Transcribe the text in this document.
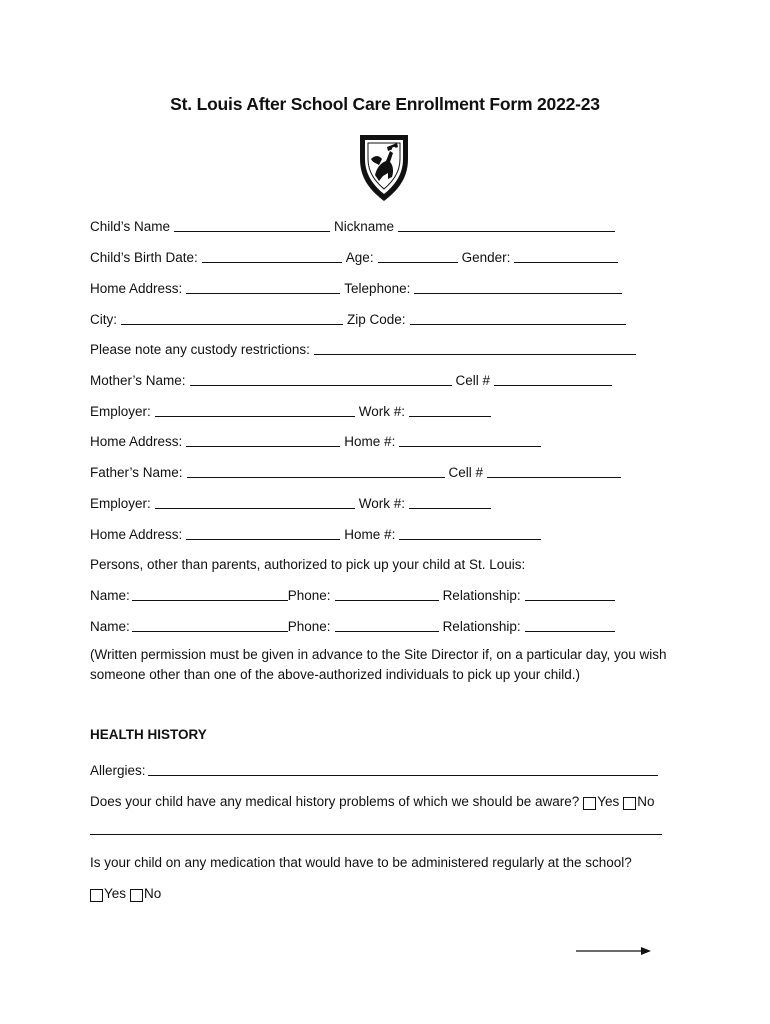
St. Louis After School Care Enrollment Form 2022-23
Child’s Name	Nickname
Child’s Birth Date:	Age:	Gender:
Home Address:	Telephone:
City:	Zip Code:
Please note any custody restrictions:
Mother’s Name:	Cell #
Employer:	Work #:
Home Address:	Home #:
Father’s Name:	Cell #
Employer:	Work #:
Home Address:	Home #:
Persons, other than parents, authorized to pick up your child at St. Louis:
Name:	Phone:	Relationship:
Name:	Phone:	Relationship:
(Written permission must be given in advance to the Site Director if, on a particular day, you wish someone other than one of the above-authorized individuals to pick up your child.)
HEALTH HISTORY
Allergies:
Does your child have any medical history problems of which we should be aware? Yes No
Is your child on any medication that would have to be administered regularly at the school?
Yes No
